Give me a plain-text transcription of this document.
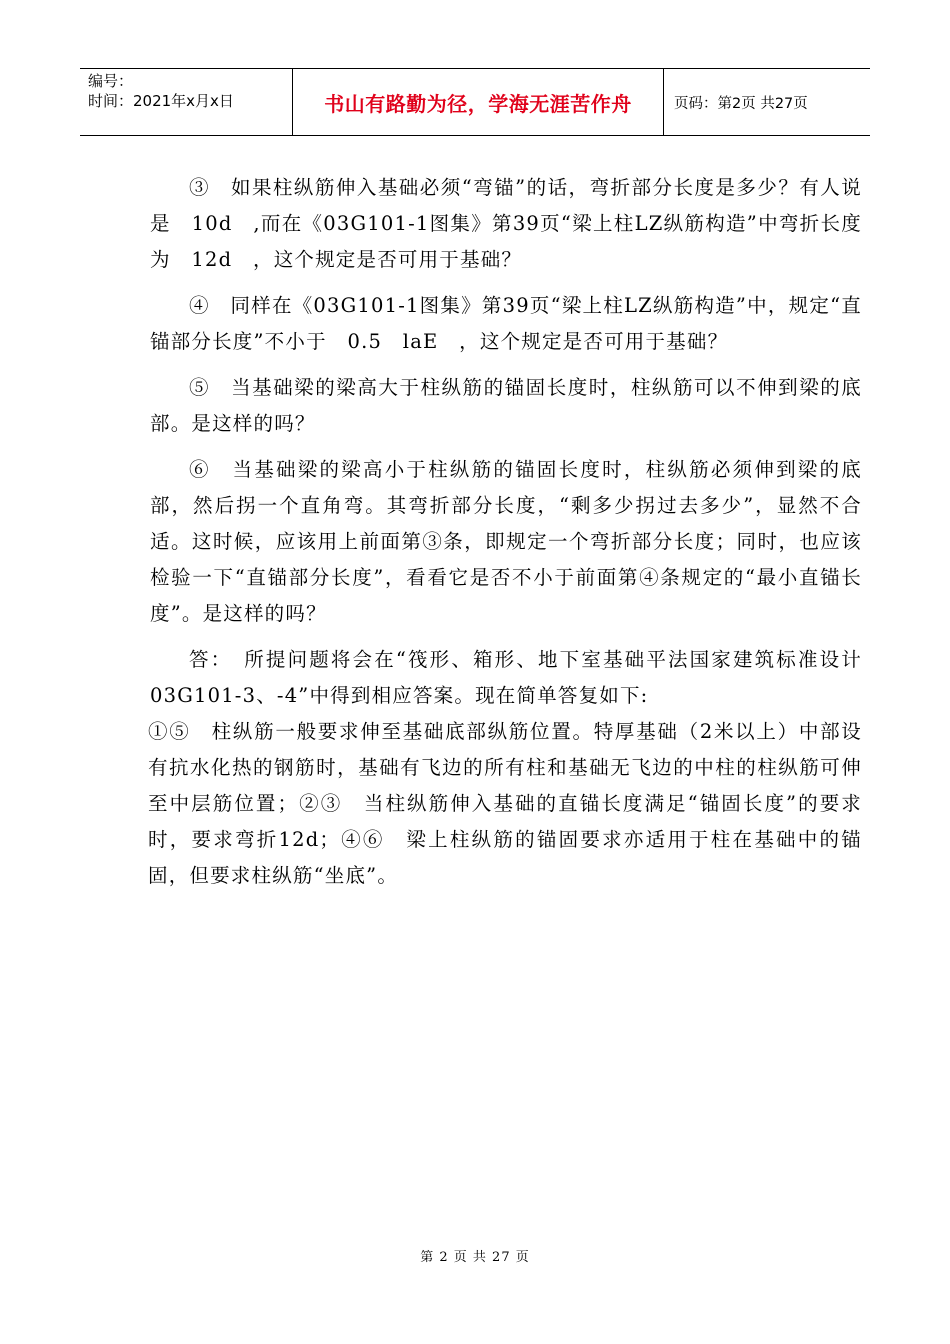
编号：
时间：2021年x月x日	书山有路勤为径，学海无涯苦作舟	页码：第2页 共27页

③　如果柱纵筋伸入基础必须“弯锚”的话，弯折部分长度是多少？有人说是　10d　,而在《03G101-1图集》第39页“梁上柱LZ纵筋构造”中弯折长度为　12d　，这个规定是否可用于基础？

④　同样在《03G101-1图集》第39页“梁上柱LZ纵筋构造”中，规定“直锚部分长度”不小于　0.5　laE　，这个规定是否可用于基础？

⑤　当基础梁的梁高大于柱纵筋的锚固长度时，柱纵筋可以不伸到梁的底部。是这样的吗？

⑥　当基础梁的梁高小于柱纵筋的锚固长度时，柱纵筋必须伸到梁的底部，然后拐一个直角弯。其弯折部分长度，“剩多少拐过去多少”，显然不合适。这时候，应该用上前面第③条，即规定一个弯折部分长度；同时，也应该检验一下“直锚部分长度”，看看它是否不小于前面第④条规定的“最小直锚长度”。是这样的吗？

答：　所提问题将会在“筏形、箱形、地下室基础平法国家建筑标准设计03G101-3、-4”中得到相应答案。现在简单答复如下:

①⑤　柱纵筋一般要求伸至基础底部纵筋位置。特厚基础（2米以上）中部设有抗水化热的钢筋时，基础有飞边的所有柱和基础无飞边的中柱的柱纵筋可伸至中层筋位置；②③　当柱纵筋伸入基础的直锚长度满足“锚固长度”的要求时，要求弯折12d；④⑥　梁上柱纵筋的锚固要求亦适用于柱在基础中的锚固，但要求柱纵筋“坐底”。

第 2 页 共 27 页
